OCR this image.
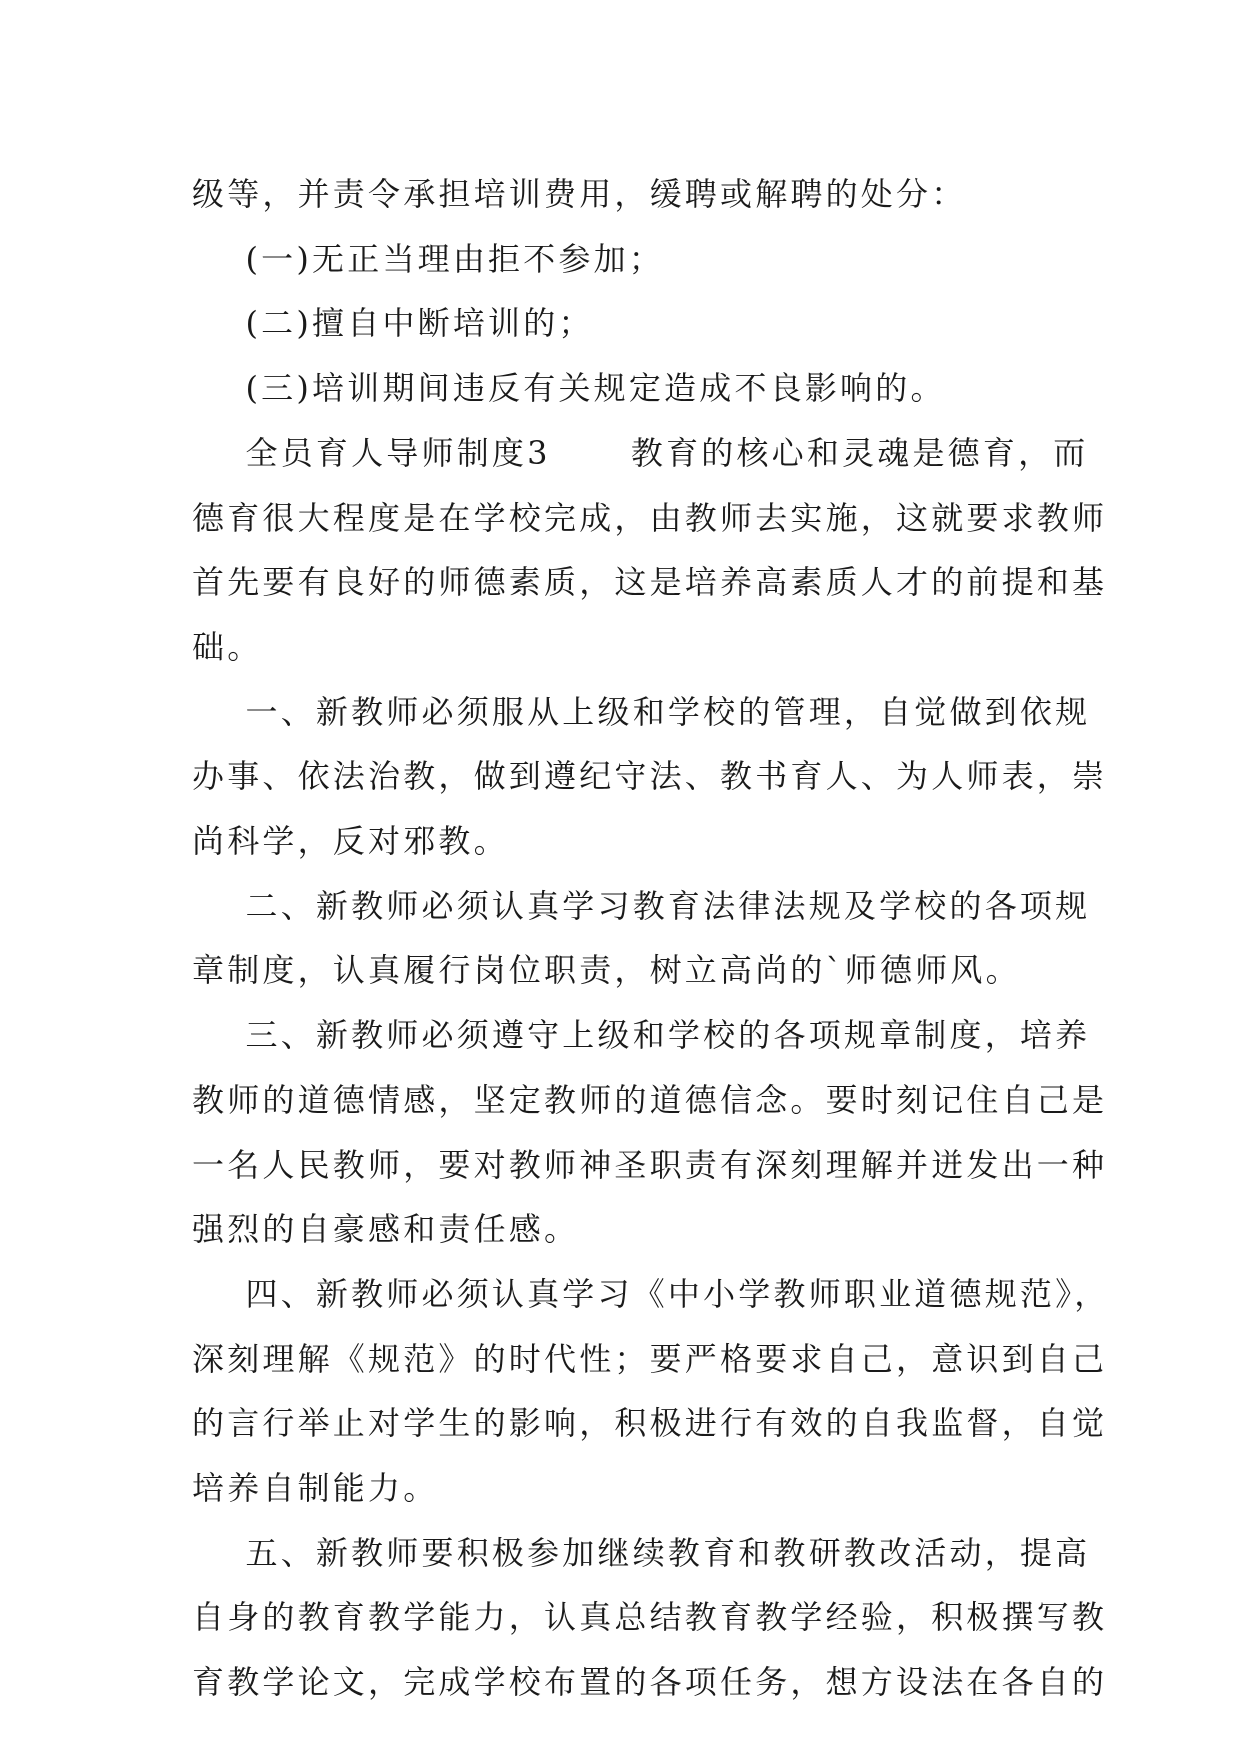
级等，并责令承担培训费用，缓聘或解聘的处分：
(一)无正当理由拒不参加；
(二)擅自中断培训的；
(三)培训期间违反有关规定造成不良影响的。
全员育人导师制度3      教育的核心和灵魂是德育，而
德育很大程度是在学校完成，由教师去实施，这就要求教师
首先要有良好的师德素质，这是培养高素质人才的前提和基
础。
一、新教师必须服从上级和学校的管理，自觉做到依规
办事、依法治教，做到遵纪守法、教书育人、为人师表，崇
尚科学，反对邪教。
二、新教师必须认真学习教育法律法规及学校的各项规
章制度，认真履行岗位职责，树立高尚的`师德师风。
三、新教师必须遵守上级和学校的各项规章制度，培养
教师的道德情感，坚定教师的道德信念。要时刻记住自己是
一名人民教师，要对教师神圣职责有深刻理解并迸发出一种
强烈的自豪感和责任感。
四、新教师必须认真学习《中小学教师职业道德规范》，
深刻理解《规范》的时代性；要严格要求自己，意识到自己
的言行举止对学生的影响，积极进行有效的自我监督，自觉
培养自制能力。
五、新教师要积极参加继续教育和教研教改活动，提高
自身的教育教学能力，认真总结教育教学经验，积极撰写教
育教学论文，完成学校布置的各项任务，想方设法在各自的
